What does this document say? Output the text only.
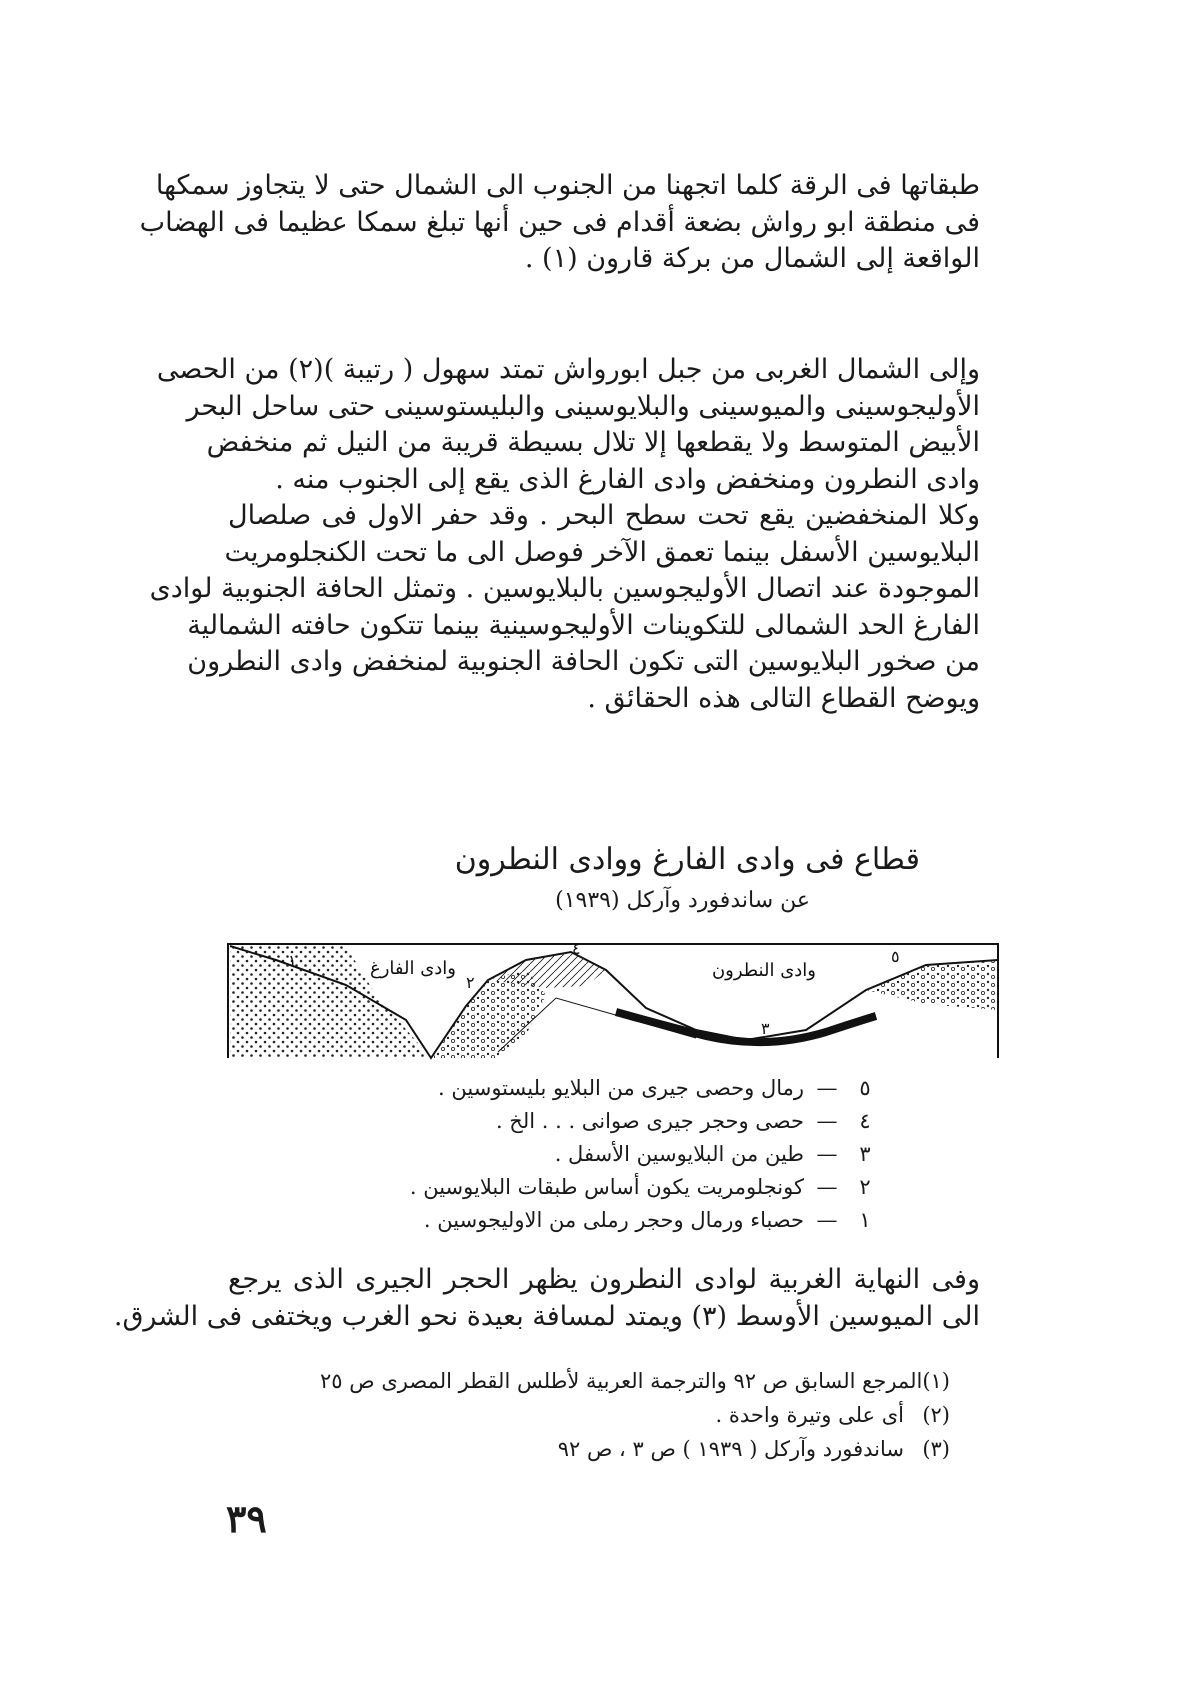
طبقاتها فى الرقة كلما اتجهنا من الجنوب الى الشمال حتى لا يتجاوز سمكها
فى منطقة ابو رواش بضعة أقدام فى حين أنها تبلغ سمكا عظيما فى الهضاب
الواقعة إلى الشمال من بركة قارون (١) .
وإلى الشمال الغربى من جبل ابورواش تمتد سهول ( رتيبة )(٢) من الحصى
الأوليجوسينى والميوسينى والبلايوسينى والبليستوسينى حتى ساحل البحر
الأبيض المتوسط ولا يقطعها إلا تلال بسيطة قريبة من النيل ثم منخفض
وادى النطرون ومنخفض وادى الفارغ الذى يقع إلى الجنوب منه .
وكلا المنخفضين يقع تحت سطح البحر . وقد حفر الاول فى صلصال
البلايوسين الأسفل بينما تعمق الآخر فوصل الى ما تحت الكنجلومريت
الموجودة عند اتصال الأوليجوسين بالبلايوسين . وتمثل الحافة الجنوبية لوادى
الفارغ الحد الشمالى للتكوينات الأوليجوسينية بينما تتكون حافته الشمالية
من صخور البلايوسين التى تكون الحافة الجنوبية لمنخفض وادى النطرون
ويوضح القطاع التالى هذه الحقائق .
قطاع فى وادى الفارغ ووادى النطرون
عن ساندفورد وآركل (١٩٣٩)
وادى الفارغ	وادى النطرون
١
٢
٣
٤	٥
٥
—
رمال وحصى جيرى من البلايو بليستوسين .
٤
—
حصى وحجر جيرى صوانى . . . الخ .
٣
—
طين من البلايوسين الأسفل .
٢
—
كونجلومريت يكون أساس طبقات البلايوسين .
١
—
حصباء ورمال وحجر رملى من الاوليجوسين .
وفى النهاية الغربية لوادى النطرون يظهر الحجر الجيرى الذى يرجع
الى الميوسين الأوسط (٣) ويمتد لمسافة بعيدة نحو الغرب ويختفى فى الشرق.
(١)
المرجع السابق ص ٩٢ والترجمة العربية لأطلس القطر المصرى ص ٢٥
(٢)
أى على وتيرة واحدة .
(٣)
ساندفورد وآركل ( ١٩٣٩ ) ص ٣ ، ص ٩٢
٣٩
